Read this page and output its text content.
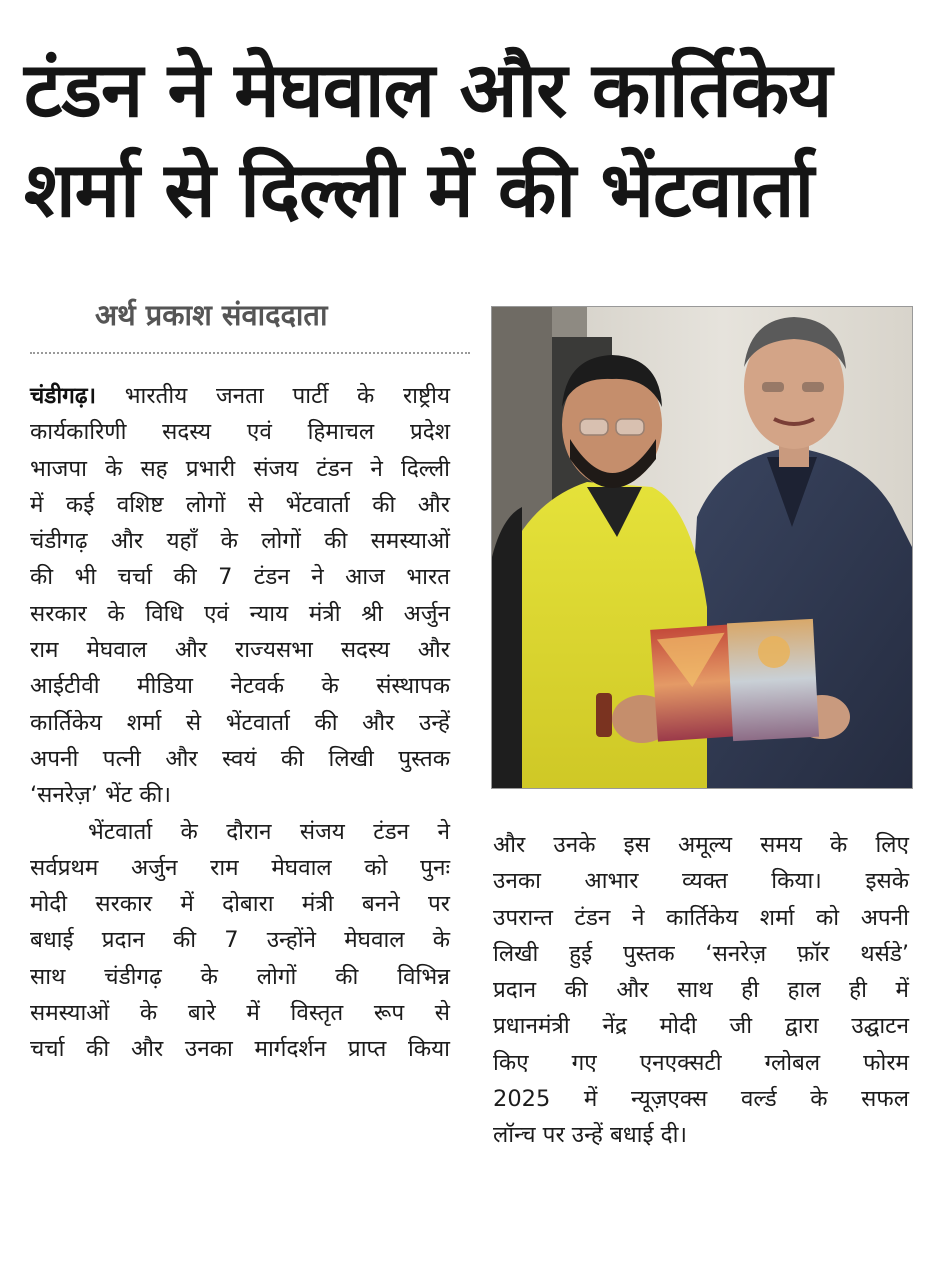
टंडन ने मेघवाल और कार्तिकेय
शर्मा से दिल्ली में की भेंटवार्ता
अर्थ प्रकाश संवाददाता
चंडीगढ़। भारतीय जनता पार्टी के राष्ट्रीय
कार्यकारिणी सदस्य एवं हिमाचल प्रदेश
भाजपा के सह प्रभारी संजय टंडन ने दिल्ली
में कई वशिष्ट लोगों से भेंटवार्ता की और
चंडीगढ़ और यहाँ के लोगों की समस्याओं
की भी चर्चा की 7 टंडन ने आज भारत
सरकार के विधि एवं न्याय मंत्री श्री अर्जुन
राम मेघवाल और राज्यसभा सदस्य और
आईटीवी मीडिया नेटवर्क के संस्थापक
कार्तिकेय शर्मा से भेंटवार्ता की और उन्हें
अपनी पत्नी और स्वयं की लिखी पुस्तक
‘सनरेज़’ भेंट की।
भेंटवार्ता के दौरान संजय टंडन ने
सर्वप्रथम अर्जुन राम मेघवाल को पुनः
मोदी सरकार में दोबारा मंत्री बनने पर
बधाई प्रदान की 7 उन्होंने मेघवाल के
साथ चंडीगढ़ के लोगों की विभिन्न
समस्याओं के बारे में विस्तृत रूप से
चर्चा की और उनका मार्गदर्शन प्राप्त किया
और उनके इस अमूल्य समय के लिए
उनका आभार व्यक्त किया। इसके
उपरान्त टंडन ने कार्तिकेय शर्मा को अपनी
लिखी हुई पुस्तक ‘सनरेज़ फ़ॉर थर्सडे’
प्रदान की और साथ ही हाल ही में
प्रधानमंत्री नेंद्र मोदी जी द्वारा उद्घाटन
किए गए एनएक्सटी ग्लोबल फोरम
2025 में न्यूज़एक्स वर्ल्ड के सफल
लॉन्च पर उन्हें बधाई दी।
